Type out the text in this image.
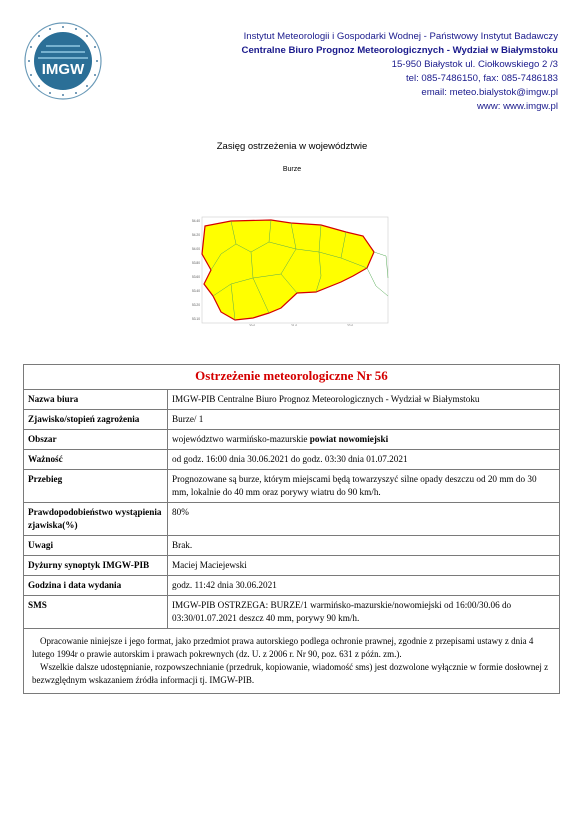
IMGW
Instytut Meteorologii i Gospodarki Wodnej - Państwowy Instytut Badawczy
Centralne Biuro Prognoz Meteorologicznych - Wydział w Białymstoku
15-950 Białystok ul. Ciołkowskiego 2 /3
tel: 085-7486150, fax: 085-7486183
email: meteo.bialystok@imgw.pl
www: www.imgw.pl
Zasięg ostrzeżenia w województwie
Burze
54.40
54.20
54.00
53.80
53.60
53.40
53.20
53.10
20.0	21.0	22.0
Ostrzeżenie meteorologiczne Nr 56	
Nazwa biura	IMGW-PIB Centralne Biuro Prognoz Meteorologicznych - Wydział w Białymstoku
Zjawisko/stopień zagrożenia	Burze/ 1
Obszar	województwo warmińsko-mazurskie powiat nowomiejski
Ważność	od godz. 16:00 dnia 30.06.2021 do godz. 03:30 dnia 01.07.2021
Przebieg	Prognozowane są burze, którym miejscami będą towarzyszyć silne opady deszczu od 20 mm do 30 mm, lokalnie do 40 mm oraz porywy wiatru do 90 km/h.
Prawdopodobieństwo wystąpienia zjawiska(%)	80%
Uwagi	Brak.
Dyżurny synoptyk IMGW-PIB	Maciej Maciejewski
Godzina i data wydania	godz. 11:42 dnia 30.06.2021
SMS	IMGW-PIB OSTRZEGA: BURZE/1 warmińsko-mazurskie/nowomiejski od 16:00/30.06 do 03:30/01.07.2021 deszcz 40 mm, porywy 90 km/h.

Opracowanie niniejsze i jego format, jako przedmiot prawa autorskiego podlega ochronie prawnej, zgodnie z przepisami ustawy z dnia 4 lutego 1994r o prawie autorskim i prawach pokrewnych (dz. U. z 2006 r. Nr 90, poz. 631 z późn. zm.).
Wszelkie dalsze udostępnianie, rozpowszechnianie (przedruk, kopiowanie, wiadomość sms) jest dozwolone wyłącznie w formie dosłownej z bezwzględnym wskazaniem źródła informacji tj. IMGW-PIB.	
